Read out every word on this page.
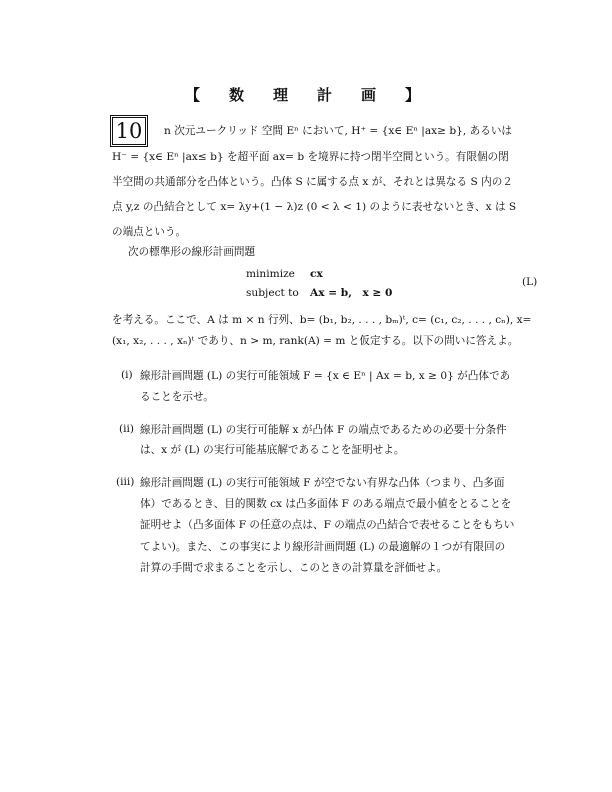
【　数　理　計　画　】
10	n 次元ユークリッド 空間 Eⁿ において, H⁺ = {x∈ Eⁿ |ax≥ b}, あるいは
H⁻ = {x∈ Eⁿ |ax≤ b} を超平面 ax= b を境界に持つ閉半空間という。有限個の閉
半空間の共通部分を凸体という。凸体 S に属する点 x が、それとは異なる S 内の２
点 y,z の凸結合として x= λy+(1 − λ)z (0 < λ < 1) のように表せないとき、x は S
の端点という。
次の標準形の線形計画問題
minimize cx
subject to Ax = b,　x ≥ 0
(L)
を考える。ここで、A は m × n 行列、b= (b₁, b₂, . . . , bₘ)ᵗ, c= (c₁, c₂, . . . , cₙ), x=
(x₁, x₂, . . . , xₙ)ᵗ であり、n > m, rank(A) = m と仮定する。以下の問いに答えよ。
(i) 線形計画問題 (L) の実行可能領域 F = {x ∈ Eⁿ | Ax = b, x ≥ 0} が凸体であ
ることを示せ。
(ii) 線形計画問題 (L) の実行可能解 x が凸体 F の端点であるための必要十分条件
は、x が (L) の実行可能基底解であることを証明せよ。
(iii) 線形計画問題 (L) の実行可能領域 F が空でない有界な凸体（つまり、凸多面
体）であるとき、目的関数 cx は凸多面体 F のある端点で最小値をとることを
証明せよ（凸多面体 F の任意の点は、F の端点の凸結合で表せることをもちい
てよい)。また、この事実により線形計画問題 (L) の最適解の１つが有限回の
計算の手間で求まることを示し、このときの計算量を評価せよ。
